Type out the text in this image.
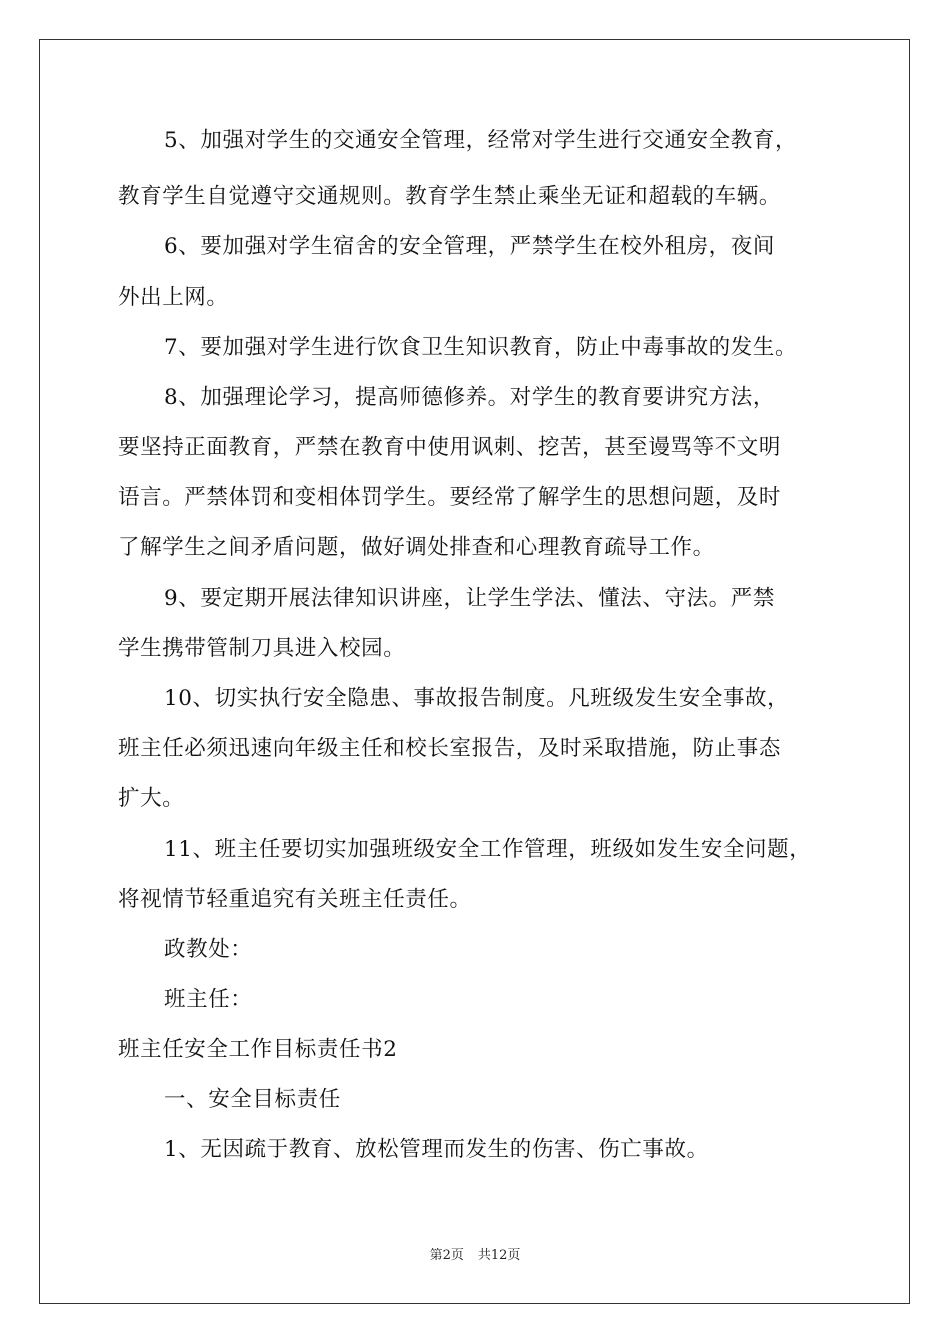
5、加强对学生的交通安全管理，经常对学生进行交通安全教育，
教育学生自觉遵守交通规则。教育学生禁止乘坐无证和超载的车辆。
6、要加强对学生宿舍的安全管理，严禁学生在校外租房，夜间
外出上网。
7、要加强对学生进行饮食卫生知识教育，防止中毒事故的发生。
8、加强理论学习，提高师德修养。对学生的教育要讲究方法，
要坚持正面教育，严禁在教育中使用讽刺、挖苦，甚至谩骂等不文明
语言。严禁体罚和变相体罚学生。要经常了解学生的思想问题，及时
了解学生之间矛盾问题，做好调处排查和心理教育疏导工作。
9、要定期开展法律知识讲座，让学生学法、懂法、守法。严禁
学生携带管制刀具进入校园。
10、切实执行安全隐患、事故报告制度。凡班级发生安全事故，
班主任必须迅速向年级主任和校长室报告，及时采取措施，防止事态
扩大。
11、班主任要切实加强班级安全工作管理，班级如发生安全问题，
将视情节轻重追究有关班主任责任。
政教处：
班主任：
班主任安全工作目标责任书2
一、安全目标责任
1、无因疏于教育、放松管理而发生的伤害、伤亡事故。
第2页 共12页
